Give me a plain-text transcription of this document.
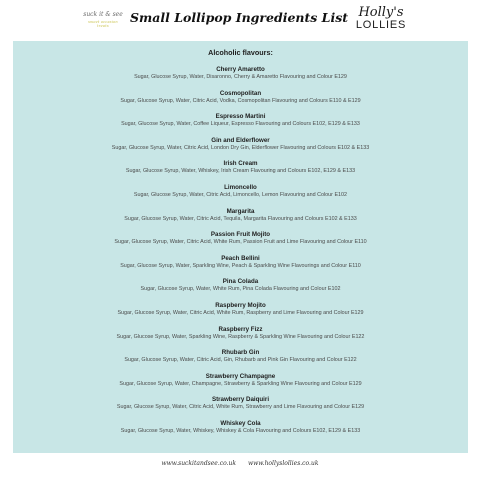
suck it & see
sweet occasion treats
Small Lollipop Ingredients List Holly's
LOLLIES
Alcoholic flavours:
Cherry Amaretto
Sugar, Glucose Syrup, Water, Disaronno, Cherry & Amaretto Flavouring and Colour E129
Cosmopolitan
Sugar, Glucose Syrup, Water, Citric Acid, Vodka, Cosmopolitan Flavouring and Colours E110 & E129
Espresso Martini
Sugar, Glucose Syrup, Water, Coffee Liqueur, Espresso Flavouring and Colours E102, E129 & E133
Gin and Elderflower
Sugar, Glucose Syrup, Water, Citric Acid, London Dry Gin, Elderflower Flavouring and Colours E102 & E133
Irish Cream
Sugar, Glucose Syrup, Water, Whiskey, Irish Cream Flavouring and Colours E102, E129 & E133
Limoncello
Sugar, Glucose Syrup, Water, Citric Acid, Limoncello, Lemon Flavouring and Colour E102
Margarita
Sugar, Glucose Syrup, Water, Citric Acid, Tequila, Margarita Flavouring and Colours E102 & E133
Passion Fruit Mojito
Sugar, Glucose Syrup, Water, Citric Acid, White Rum, Passion Fruit and Lime Flavouring and Colour E110
Peach Bellini
Sugar, Glucose Syrup, Water, Sparkling Wine, Peach & Sparkling Wine Flavourings and Colour E110
Pina Colada
Sugar, Glucose Syrup, Water, White Rum, Pina Colada Flavouring and Colour E102
Raspberry Mojito
Sugar, Glucose Syrup, Water, Citric Acid, White Rum, Raspberry and Lime Flavouring and Colour E129
Raspberry Fizz
Sugar, Glucose Syrup, Water, Sparkling Wine, Raspberry & Sparkling Wine Flavouring and Colour E122
Rhubarb Gin
Sugar, Glucose Syrup, Water, Citric Acid, Gin, Rhubarb and Pink Gin Flavouring and Colour E122
Strawberry Champagne
Sugar, Glucose Syrup, Water, Champagne, Strawberry & Sparkling Wine Flavouring and Colour E129
Strawberry Daiquiri
Sugar, Glucose Syrup, Water, Citric Acid, White Rum, Strawberry and Lime Flavouring and Colour E129
Whiskey Cola
Sugar, Glucose Syrup, Water, Whiskey, Whiskey & Cola Flavouring and Colours E102, E129 & E133
www.suckitandsee.co.uk www.hollyslollies.co.uk
